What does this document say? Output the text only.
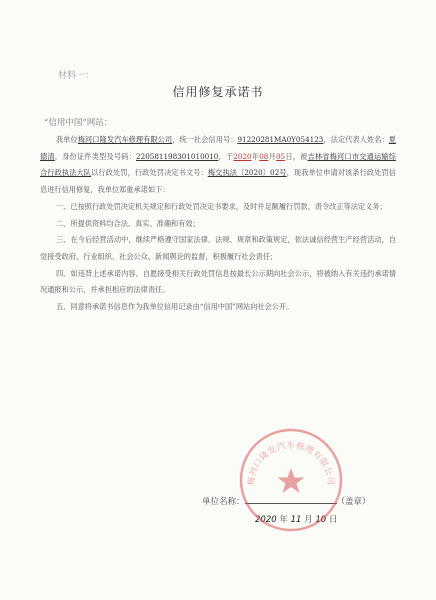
材料一：
信用修复承诺书
“信用中国”网站：

我单位梅河口隆发汽车修理有限公司，统一社会信用号：91220281MA0Y054123，法定代表人姓名：夏德清，身份证件类型及号码：220581198301010010，于2020年08月05日，被吉林省梅河口市交通运输综合行政执法大队以行政处罚，行政处罚决定书文号：梅交执法〔2020〕02号，现我单位申请对该条行政处罚信息进行信用修复，我单位郑重承诺如下：

一、已按照行政处罚决定机关规定和行政处罚决定书要求，及时并足额履行罚款、责令改正等法定义务；

二、所提供资料均合法、真实、准确和有效；

三、在今后经营活动中，继续严格遵守国家法律、法规、规章和政策规定，依法诚信经营生产经营活动，自觉接受政府、行业组织、社会公众、新闻舆论的监督，积极履行社会责任；

四、如违背上述承诺内容，自愿接受相关行政处罚信息按最长公示期向社会公示，将被纳入有关违约承诺情况通报和公示，并承担相应的法律责任。

五、同意将承诺书信息作为我单位信用记录由“信用中国”网站向社会公开。

单位名称：	（盖章）
2020 年 11 月 10 日
梅河口隆发汽车修理有限公司
